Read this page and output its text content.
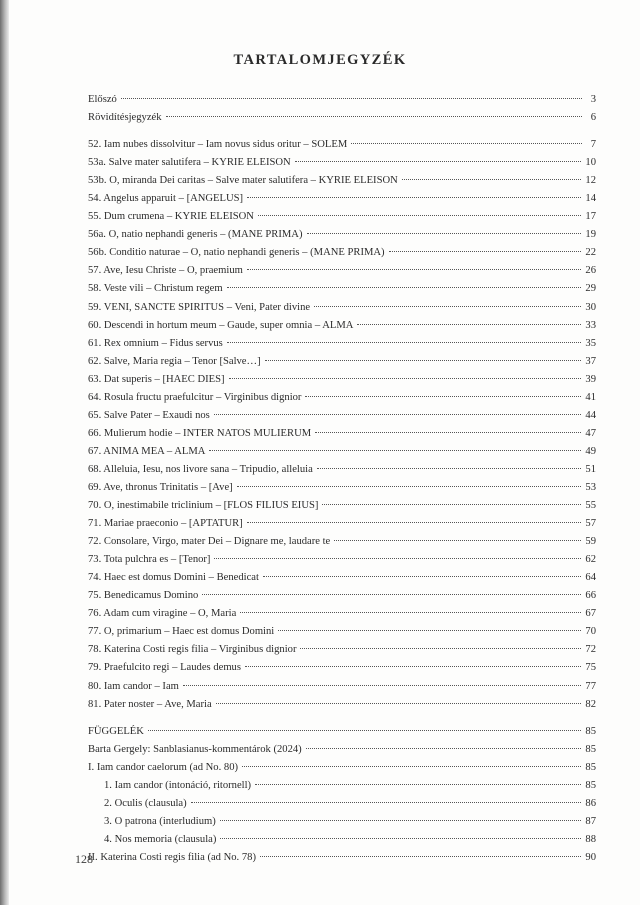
TARTALOMJEGYZÉK
Előszó	3
Rövidítésjegyzék	6
52. Iam nubes dissolvitur – Iam novus sidus oritur – SOLEM	7
53a. Salve mater salutifera – KYRIE ELEISON	10
53b. O, miranda Dei caritas – Salve mater salutifera – KYRIE ELEISON	12
54. Angelus apparuit – [ANGELUS]	14
55. Dum crumena – KYRIE ELEISON	17
56a. O, natio nephandi generis – (MANE PRIMA)	19
56b. Conditio naturae – O, natio nephandi generis – (MANE PRIMA)	22
57. Ave, Iesu Christe – O, praemium	26
58. Veste vili – Christum regem	29
59. VENI, SANCTE SPIRITUS – Veni, Pater divine	30
60. Descendi in hortum meum – Gaude, super omnia – ALMA	33
61. Rex omnium – Fidus servus	35
62. Salve, Maria regia – Tenor [Salve…]	37
63. Dat superis – [HAEC DIES]	39
64. Rosula fructu praefulcitur – Virginibus dignior	41
65. Salve Pater – Exaudi nos	44
66. Mulierum hodie – INTER NATOS MULIERUM	47
67. ANIMA MEA – ALMA	49
68. Alleluia, Iesu, nos livore sana – Tripudio, alleluia	51
69. Ave, thronus Trinitatis – [Ave]	53
70. O, inestimabile triclinium – [FLOS FILIUS EIUS]	55
71. Mariae praeconio – [APTATUR]	57
72. Consolare, Virgo, mater Dei – Dignare me, laudare te	59
73. Tota pulchra es – [Tenor]	62
74. Haec est domus Domini – Benedicat	64
75. Benedicamus Domino	66
76. Adam cum viragine – O, Maria	67
77. O, primarium – Haec est domus Domini	70
78. Katerina Costi regis filia – Virginibus dignior	72
79. Praefulcito regi – Laudes demus	75
80. Iam candor – Iam	77
81. Pater noster – Ave, Maria	82
FÜGGELÉK	85
Barta Gergely: Sanblasianus-kommentárok (2024)	85
I. Iam candor caelorum (ad No. 80)	85
1. Iam candor (intonáció, ritornell)	85
2. Oculis (clausula)	86
3. O patrona (interludium)	87
4. Nos memoria (clausula)	88
II. Katerina Costi regis filia (ad No. 78)	90
128
